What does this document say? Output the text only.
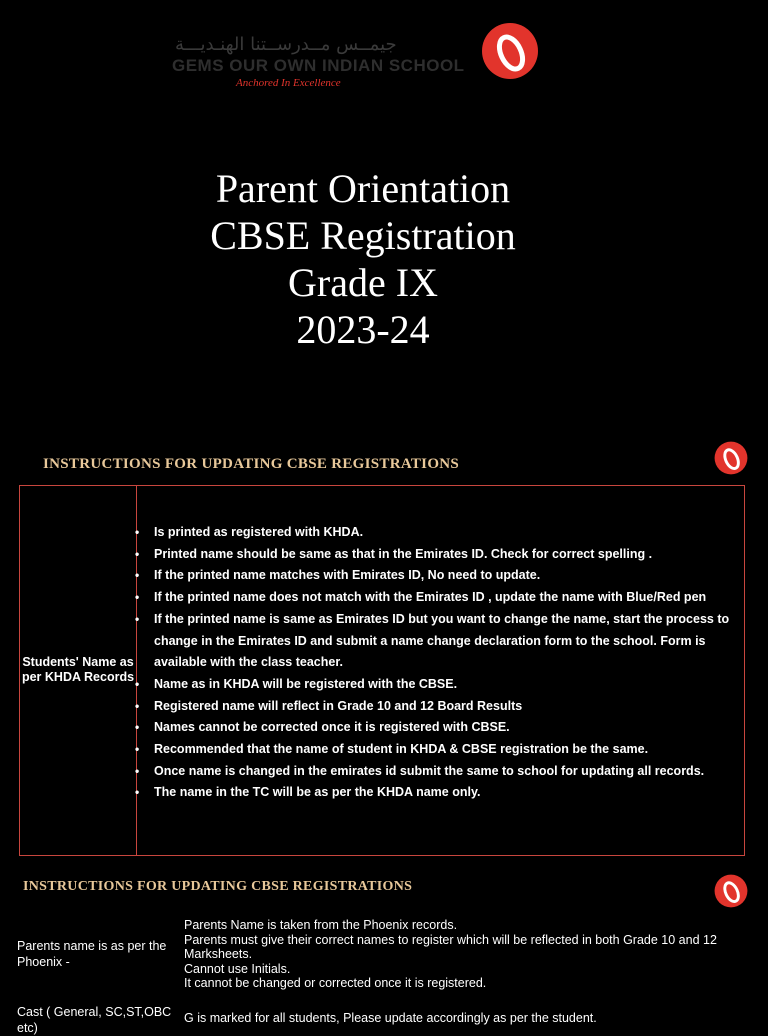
جيمــس مــدرســتنا الهنـديـــة
GEMS OUR OWN INDIAN SCHOOL
Anchored In Excellence
Parent Orientation
CBSE Registration
Grade IX
2023-24
INSTRUCTIONS FOR UPDATING CBSE REGISTRATIONS
Students' Name as per KHDA Records
• Is printed as registered with KHDA.
• Printed name should be same as that in the Emirates ID. Check for correct spelling .
• If the printed name matches with Emirates ID, No need to update.
• If the printed name does not match with the Emirates ID , update the name with Blue/Red pen
• If the printed name is same as Emirates ID but you want to change the name, start the process to change in the Emirates ID and submit a name change declaration form to the school. Form is available with the class teacher.
• Name as in KHDA will be registered with the CBSE.
• Registered name will reflect in Grade 10 and 12 Board Results
• Names cannot be corrected once it is registered with CBSE.
• Recommended that the name of student in KHDA & CBSE registration be the same.
• Once name is changed in the emirates id submit the same to school for updating all records.
• The name in the TC will be as per the KHDA name only.
INSTRUCTIONS FOR UPDATING CBSE REGISTRATIONS
Parents name is as per the Phoenix -
Parents Name is taken from the Phoenix records.
Parents must give their correct names to register which will be reflected in both Grade 10 and 12 Marksheets.
Cannot use Initials.
It cannot be changed or corrected once it is registered.
Cast ( General, SC,ST,OBC etc)
G is marked for all students, Please update accordingly as per the student.
